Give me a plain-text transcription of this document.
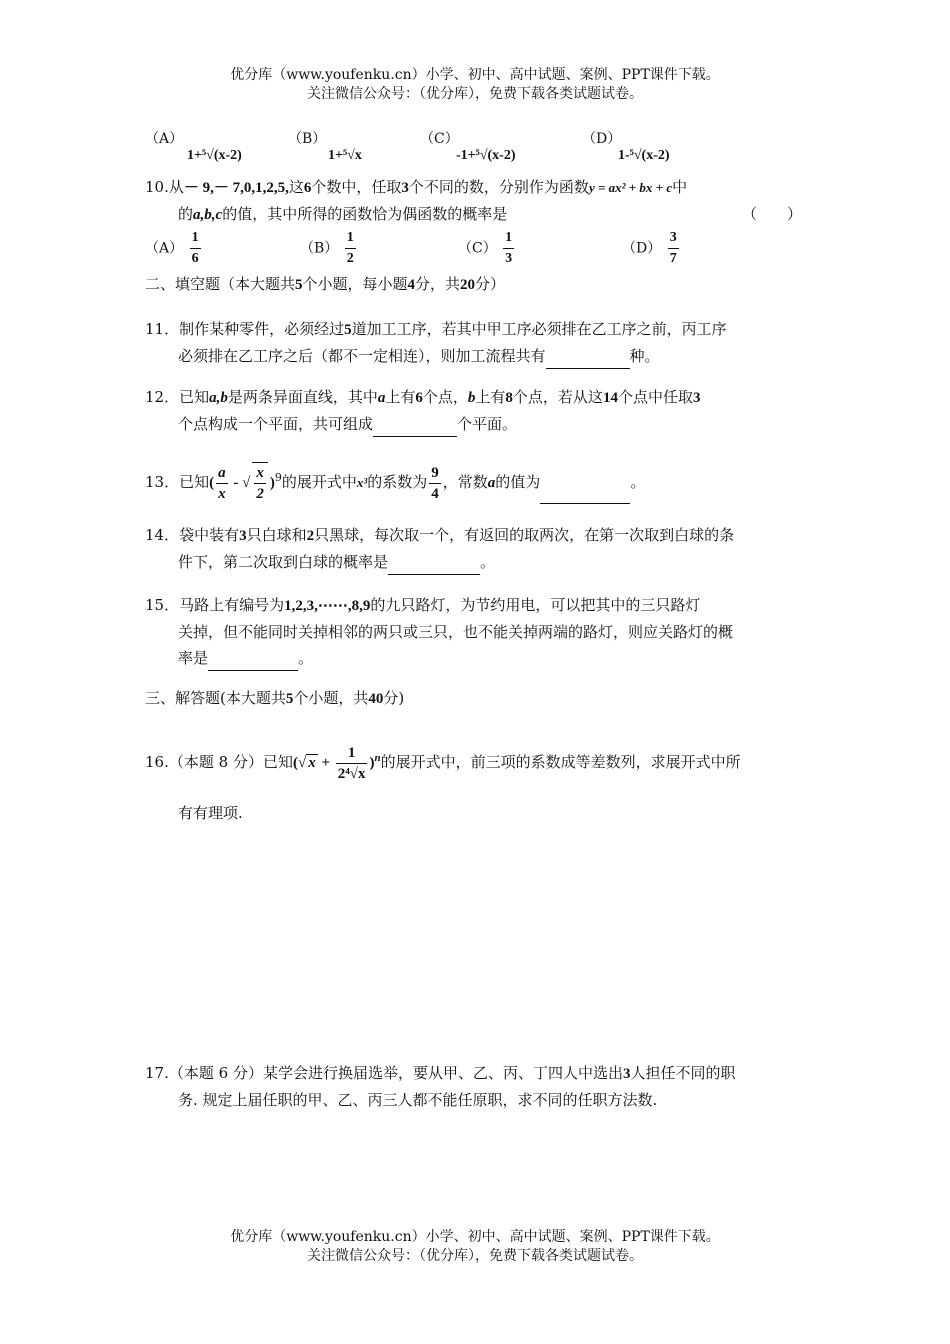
优分库（www.youfenku.cn）小学、初中、高中试题、案例、PPT课件下载。
关注微信公众号：（优分库），免费下载各类试题试卷。
（A）
1+⁵√(x-2)
（B）
1+⁵√x
（C）
-1+⁵√(x-2)
（D）
1-⁵√(x-2)
10.从－ 9,－ 7,0,1,2,5,这6个数中，任取3个不同的数，分别作为函数y = ax² + bx + c中
的a,b,c的值，其中所得的函数恰为偶函数的概率是	（　　）
$(A) \frac{1}{6}$	$(B) \frac{1}{2}$	$(C) \frac{1}{3}$	$(D) \frac{3}{7}$
二、填空题（本大题共5个小题，每小题4分，共20分）
11．制作某种零件，必须经过5道加工工序，若其中甲工序必须排在乙工序之前，丙工序
必须排在乙工序之后（都不一定相连），则加工流程共有	种。
12．已知a,b是两条异面直线，其中a上有6个点，b上有8个点，若从这14个点中任取3
个点构成一个平面，共可组成	个平面。
13．已知( $\frac{a}{x}$ - √ $\frac{x}{2} )^9$的展开式中x³的系数为 $\frac{9}{4}$ ，常数a的值为	。
14．袋中装有3只白球和2只黑球，每次取一个，有返回的取两次，在第一次取到白球的条
件下，第二次取到白球的概率是	。
15．马路上有编号为1,2,3,⋯⋯,8,9的九只路灯，为节约用电，可以把其中的三只路灯
关掉，但不能同时关掉相邻的两只或三只，也不能关掉两端的路灯，则应关路灯的概
率是	。
三、解答题(本大题共5个小题，共40分)
16.（本题 8 分）已知(√ $x + \frac{1}{\text{2⁴√x}} )^n$的展开式中，前三项的系数成等差数列，求展开式中所
有有理项.
17.（本题 6 分）某学会进行换届选举，要从甲、乙、丙、丁四人中选出3人担任不同的职
务. 规定上届任职的甲、乙、丙三人都不能任原职，求不同的任职方法数.
优分库（www.youfenku.cn）小学、初中、高中试题、案例、PPT课件下载。
关注微信公众号：（优分库），免费下载各类试题试卷。
